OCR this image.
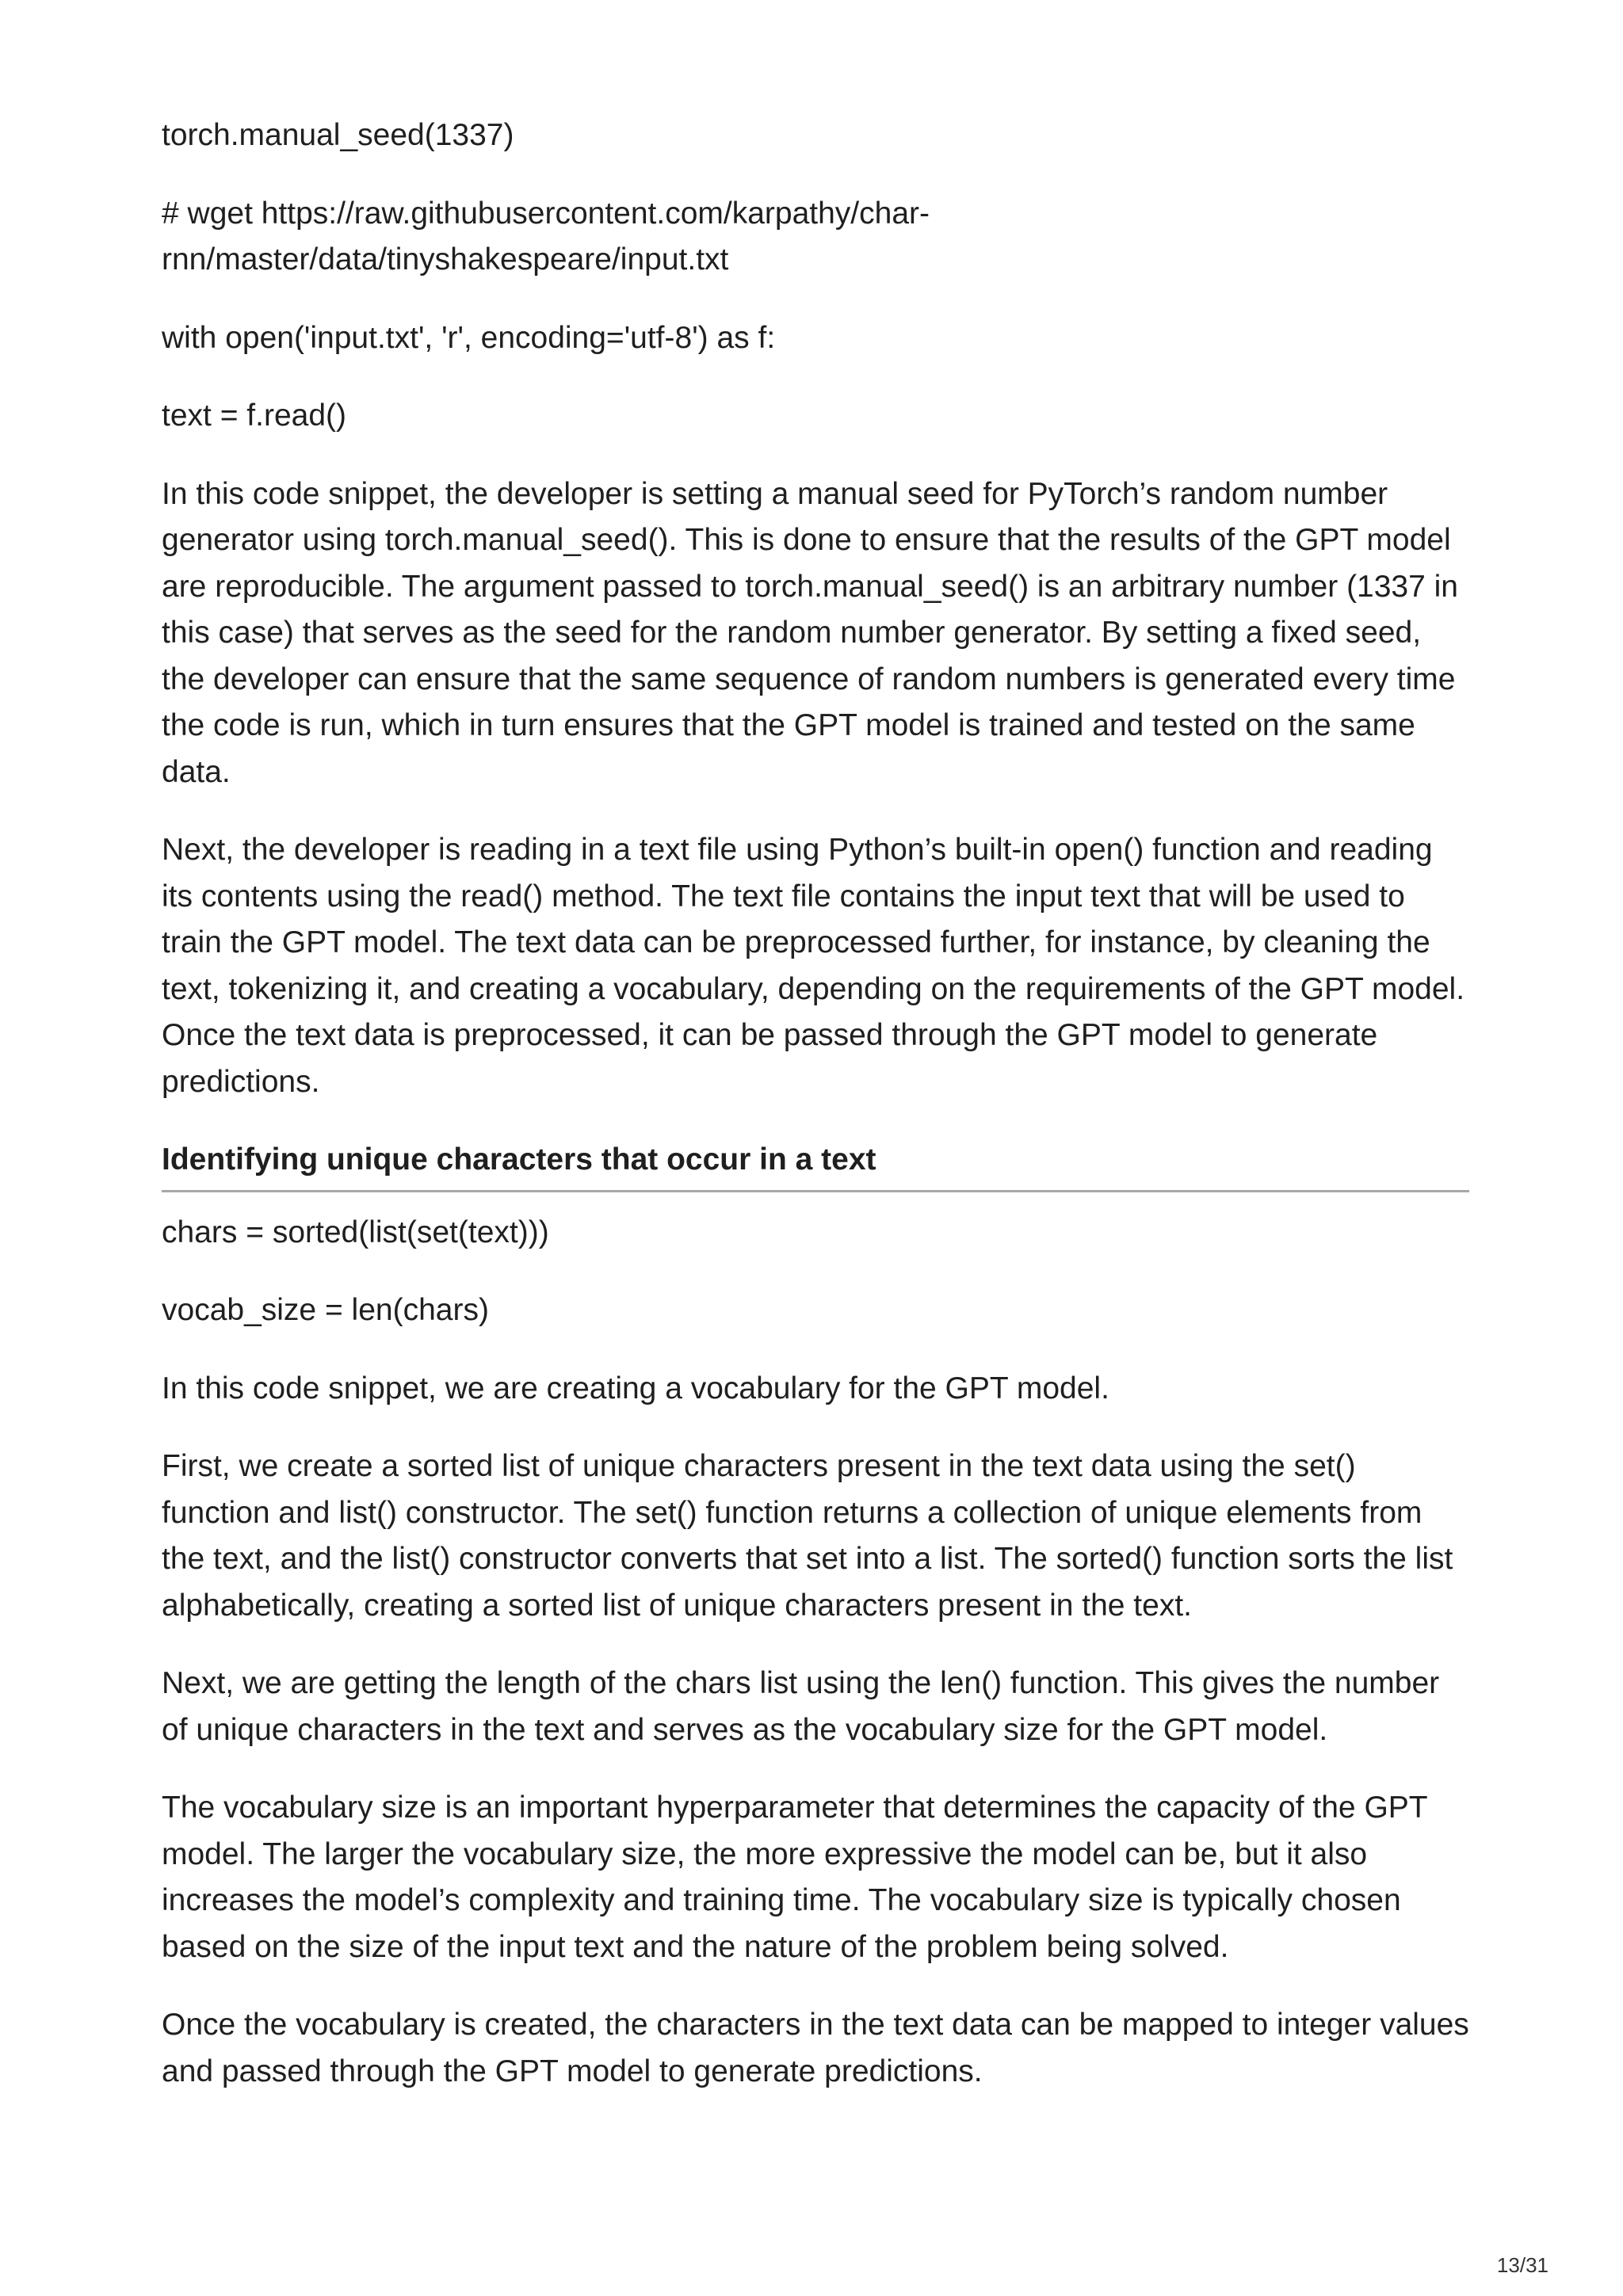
torch.manual_seed(1337)

# wget https://raw.githubusercontent.com/karpathy/char-
rnn/master/data/tinyshakespeare/input.txt

with open('input.txt', 'r', encoding='utf-8') as f:

text = f.read()

In this code snippet, the developer is setting a manual seed for PyTorch’s random number generator using torch.manual_seed(). This is done to ensure that the results of the GPT model are reproducible. The argument passed to torch.manual_seed() is an arbitrary number (1337 in this case) that serves as the seed for the random number generator. By setting a fixed seed, the developer can ensure that the same sequence of random numbers is generated every time the code is run, which in turn ensures that the GPT model is trained and tested on the same data.

Next, the developer is reading in a text file using Python’s built-in open() function and reading its contents using the read() method. The text file contains the input text that will be used to train the GPT model. The text data can be preprocessed further, for instance, by cleaning the text, tokenizing it, and creating a vocabulary, depending on the requirements of the GPT model. Once the text data is preprocessed, it can be passed through the GPT model to generate predictions.

Identifying unique characters that occur in a text

chars = sorted(list(set(text)))

vocab_size = len(chars)

In this code snippet, we are creating a vocabulary for the GPT model.

First, we create a sorted list of unique characters present in the text data using the set() function and list() constructor. The set() function returns a collection of unique elements from the text, and the list() constructor converts that set into a list. The sorted() function sorts the list alphabetically, creating a sorted list of unique characters present in the text.

Next, we are getting the length of the chars list using the len() function. This gives the number of unique characters in the text and serves as the vocabulary size for the GPT model.

The vocabulary size is an important hyperparameter that determines the capacity of the GPT model. The larger the vocabulary size, the more expressive the model can be, but it also increases the model’s complexity and training time. The vocabulary size is typically chosen based on the size of the input text and the nature of the problem being solved.

Once the vocabulary is created, the characters in the text data can be mapped to integer values and passed through the GPT model to generate predictions.

13/31
